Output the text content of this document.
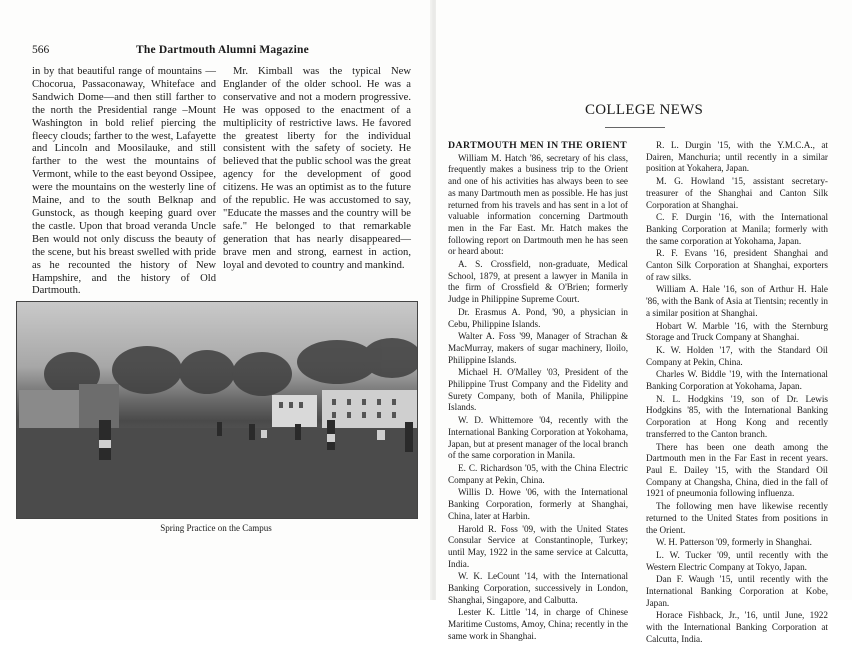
566	The Dartmouth Alumni Magazine

in by that beautiful range of mountains —Chocorua, Passaconaway, Whiteface and Sandwich Dome—and then still farther to the north the Presidential range –Mount Washington in bold relief piercing the fleecy clouds; farther to the west, Lafayette and Lincoln and Moosilauke, and still farther to the west the mountains of Vermont, while to the east beyond Ossipee, were the mountains on the westerly line of Maine, and to the south Belknap and Gunstock, as though keeping guard over the castle. Upon that broad veranda Uncle Ben would not only discuss the beauty of the scene, but his breast swelled with pride as he recounted the history of New Hampshire, and the history of Old Dartmouth.

Mr. Kimball was the typical New Englander of the older school. He was a conservative and not a modern progressive. He was opposed to the enactment of a multiplicity of restrictive laws. He favored the greatest liberty for the individual consistent with the safety of society. He believed that the public school was the great agency for the development of good citizens. He was an optimist as to the future of the republic. He was accustomed to say, "Educate the masses and the country will be safe." He belonged to that remarkable generation that has nearly disappeared—brave men and strong, earnest in action, loyal and devoted to country and mankind.

Spring Practice on the Campus
COLLEGE NEWS

DARTMOUTH MEN IN THE ORIENT

William M. Hatch '86, secretary of his class, frequently makes a business trip to the Orient and one of his activities has always been to see as many Dartmouth men as possible. He has just returned from his travels and has sent in a lot of valuable information concerning Dartmouth men in the Far East. Mr. Hatch makes the following report on Dartmouth men he has seen or heard about:

A. S. Crossfield, non-graduate, Medical School, 1879, at present a lawyer in Manila in the firm of Crossfield & O'Brien; formerly Judge in Philippine Supreme Court.

Dr. Erasmus A. Pond, '90, a physician in Cebu, Philippine Islands.

Walter A. Foss '99, Manager of Strachan & MacMurray, makers of sugar machinery, Iloilo, Philippine Islands.

Michael H. O'Malley '03, President of the Philippine Trust Company and the Fidelity and Surety Company, both of Manila, Philippine Islands.

W. D. Whittemore '04, recently with the International Banking Corporation at Yokohama, Japan, but at present manager of the local branch of the same corporation in Manila.

E. C. Richardson '05, with the China Electric Company at Pekin, China.

Willis D. Howe '06, with the International Banking Corporation, formerly at Shanghai, China, later at Harbin.

Harold R. Foss '09, with the United States Consular Service at Constantinople, Turkey; until May, 1922 in the same service at Calcutta, India.

W. K. LeCount '14, with the International Banking Corporation, successively in London, Shanghai, Singapore, and Calbutta.

Lester K. Little '14, in charge of Chinese Maritime Customs, Amoy, China; recently in the same work in Shanghai.

R. L. Durgin '15, with the Y.M.C.A., at Dairen, Manchuria; until recently in a similar position at Yokahera, Japan.

M. G. Howland '15, assistant secretary-treasurer of the Shanghai and Canton Silk Corporation at Shanghai.

C. F. Durgin '16, with the International Banking Corporation at Manila; formerly with the same corporation at Yokohama, Japan.

R. F. Evans '16, president Shanghai and Canton Silk Corporation at Shanghai, exporters of raw silks.

William A. Hale '16, son of Arthur H. Hale '86, with the Bank of Asia at Tientsin; recently in a similar position at Shanghai.

Hobart W. Marble '16, with the Sternburg Storage and Truck Company at Shanghai.

K. W. Holden '17, with the Standard Oil Company at Pekin, China.

Charles W. Biddle '19, with the International Banking Corporation at Yokohama, Japan.

N. L. Hodgkins '19, son of Dr. Lewis Hodgkins '85, with the International Banking Corporation at Hong Kong and recently transferred to the Canton branch.

There has been one death among the Dartmouth men in the Far East in recent years. Paul E. Dailey '15, with the Standard Oil Company at Changsha, China, died in the fall of 1921 of pneumonia following influenza.

The following men have likewise recently returned to the United States from positions in the Orient.

W. H. Patterson '09, formerly in Shanghai.

L. W. Tucker '09, until recently with the Western Electric Company at Tokyo, Japan.

Dan F. Waugh '15, until recently with the International Banking Corporation at Kobe, Japan.

Horace Fishback, Jr., '16, until June, 1922 with the International Banking Corporation at Calcutta, India.
